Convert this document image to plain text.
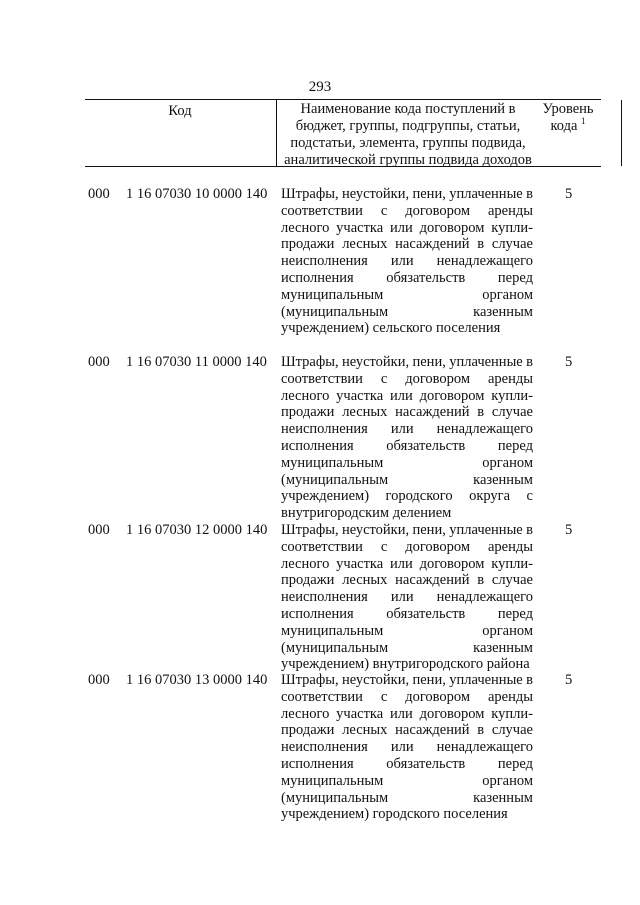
293
Код	Наименование кода поступлений в
бюджет, группы, подгруппы, статьи,
подстатьи, элемента, группы подвида,
аналитической группы подвида доходов
Уровень
кода $^1$
000 1 16 07030 10 0000 140 Штрафы, неустойки, пени, уплаченные в
соответствии с договором аренды
лесного участка или договором купли-
продажи лесных насаждений в случае
неисполнения или ненадлежащего
исполнения обязательств перед
муниципальным	органом
(муниципальным	казенным
учреждением)
сельского
поселения
5
000 1 16 07030 11 0000 140 Штрафы, неустойки, пени, уплаченные в
соответствии с договором аренды
лесного участка или договором купли-
продажи лесных насаждений в случае
неисполнения или ненадлежащего
исполнения обязательств перед
муниципальным	органом
(муниципальным	казенным
учреждением) городского округа с
внутригородским
делением
5
000 1 16 07030 12 0000 140 Штрафы, неустойки, пени, уплаченные в
соответствии с договором аренды
лесного участка или договором купли-
продажи лесных насаждений в случае
неисполнения или ненадлежащего
исполнения обязательств перед
муниципальным	органом
(муниципальным	казенным
учреждением)
внутригородского
района
5
000 1 16 07030 13 0000 140 Штрафы, неустойки, пени, уплаченные в
соответствии с договором аренды
лесного участка или договором купли-
продажи лесных насаждений в случае
неисполнения или ненадлежащего
исполнения обязательств перед
муниципальным	органом
(муниципальным	казенным
учреждением)
городского
поселения
5
